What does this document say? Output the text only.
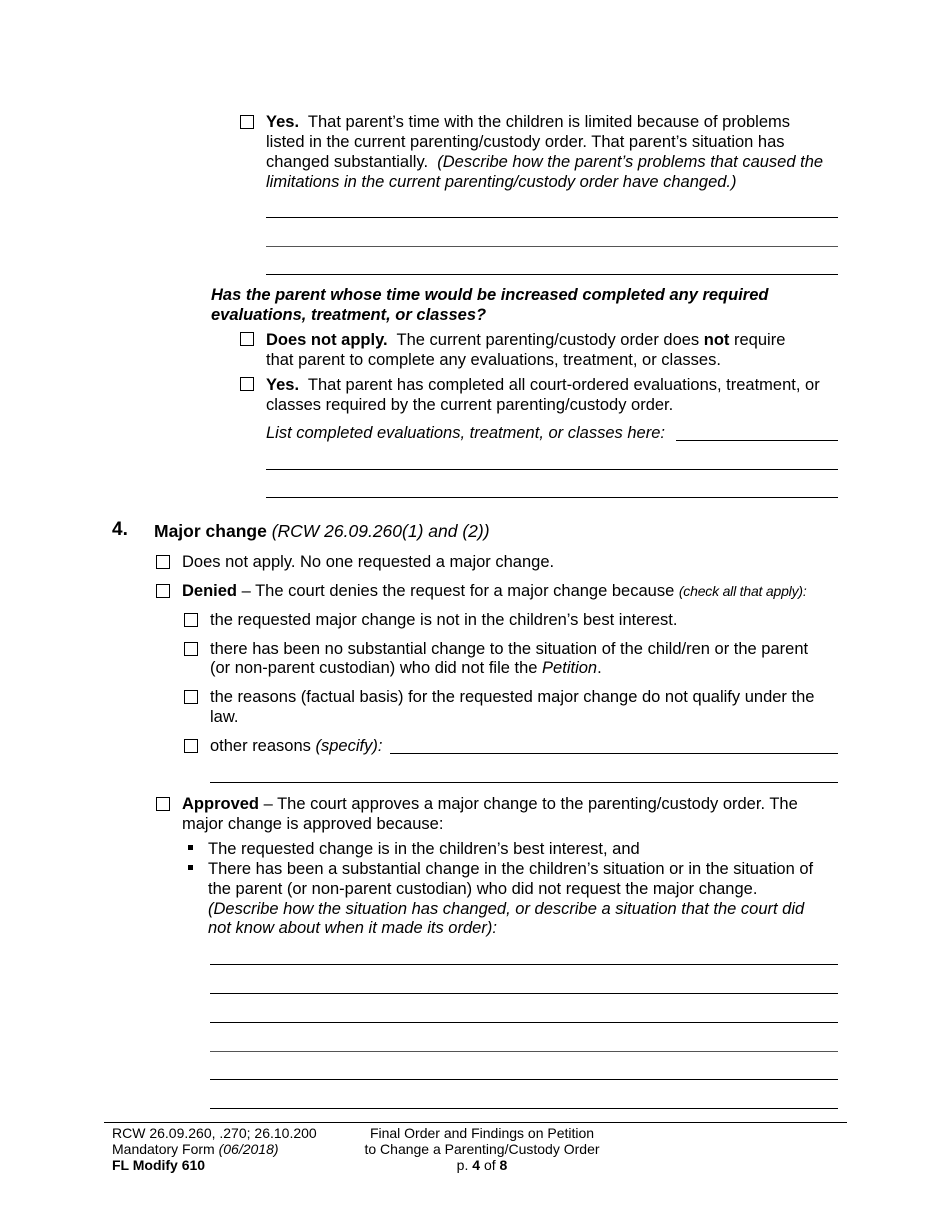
Yes. That parent’s time with the children is limited because of problems
listed in the current parenting/custody order. That parent’s situation has
changed substantially. (Describe how the parent’s problems that caused the
limitations in the current parenting/custody order have changed.)
Has the parent whose time would be increased completed any required
evaluations, treatment, or classes?
Does not apply. The current parenting/custody order does not require
that parent to complete any evaluations, treatment, or classes.
Yes. That parent has completed all court-ordered evaluations, treatment, or
classes required by the current parenting/custody order.
List completed evaluations, treatment, or classes here:
4. Major change (RCW 26.09.260(1) and (2))
Does not apply. No one requested a major change.
Denied – The court denies the request for a major change because (check all that apply):
the requested major change is not in the children’s best interest.
there has been no substantial change to the situation of the child/ren or the parent
(or non-parent custodian) who did not file the Petition.
the reasons (factual basis) for the requested major change do not qualify under the
law.
other reasons (specify):
Approved – The court approves a major change to the parenting/custody order. The
major change is approved because:
The requested change is in the children’s best interest, and
There has been a substantial change in the children’s situation or in the situation of
the parent (or non-parent custodian) who did not request the major change.
(Describe how the situation has changed, or describe a situation that the court did
not know about when it made its order):
RCW 26.09.260, .270; 26.10.200
Mandatory Form (06/2018)
FL Modify 610
Final Order and Findings on Petition
to Change a Parenting/Custody Order
p. 4 of 8
